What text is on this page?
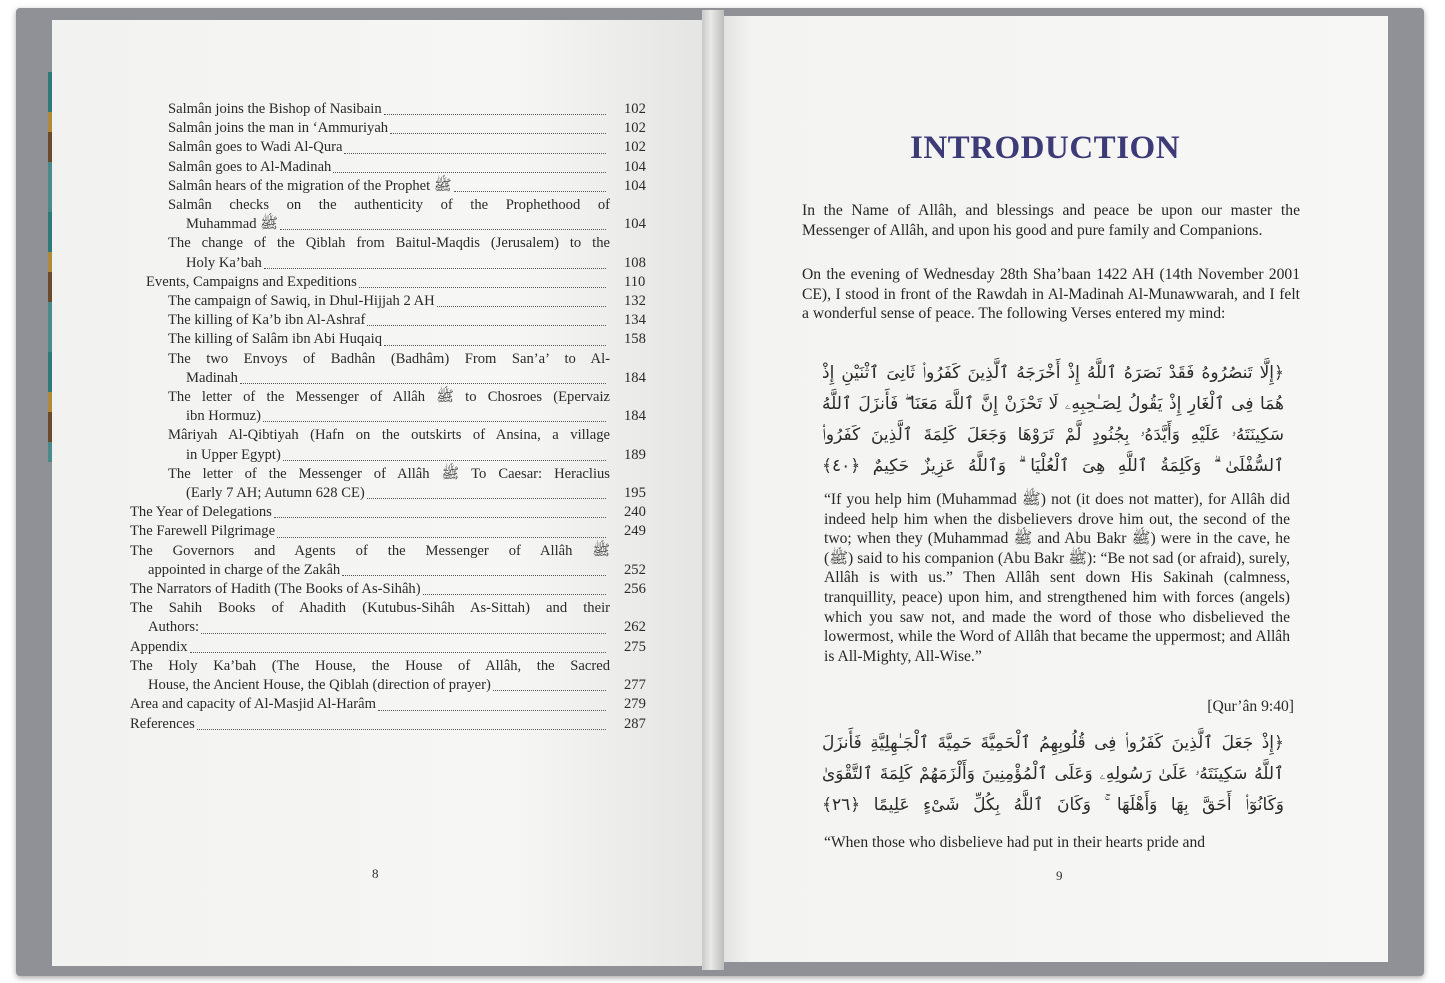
Salmân joins the Bishop of Nasibain	102
Salmân joins the man in ‘Ammuriyah	102
Salmân goes to Wadi Al-Qura	102
Salmân goes to Al-Madinah	104
Salmân hears of the migration of the Prophet ﷺ	104
Salmân checks on the authenticity of the Prophethood of
Muhammad ﷺ	104
The change of the Qiblah from Baitul-Maqdis (Jerusalem) to the
Holy Ka’bah	108
Events, Campaigns and Expeditions	110
The campaign of Sawiq, in Dhul-Hijjah 2 AH	132
The killing of Ka’b ibn Al-Ashraf	134
The killing of Salâm ibn Abi Huqaiq	158
The two Envoys of Badhân (Badhâm) From San’a’ to Al-
Madinah	184
The letter of the Messenger of Allâh ﷺ to Chosroes (Epervaiz
ibn Hormuz)	184
Mâriyah Al-Qibtiyah (Hafn on the outskirts of Ansina, a village
in Upper Egypt)	189
The letter of the Messenger of Allâh ﷺ To Caesar: Heraclius
(Early 7 AH; Autumn 628 CE)	195
The Year of Delegations	240
The Farewell Pilgrimage	249
The Governors and Agents of the Messenger of Allâh ﷺ
appointed in charge of the Zakâh	252
The Narrators of Hadith (The Books of As-Sihâh)	256
The Sahih Books of Ahadith (Kutubus-Sihâh As-Sittah) and their
Authors:	262
Appendix	275
The Holy Ka’bah (The House, the House of Allâh, the Sacred
House, the Ancient House, the Qiblah (direction of prayer)	277
Area and capacity of Al-Masjid Al-Harâm	279
References	287
8
INTRODUCTION
In the Name of Allâh, and blessings and peace be upon our master the Messenger of Allâh, and upon his good and pure family and Companions.
On the evening of Wednesday 28th Sha’baan 1422 AH (14th November 2001 CE), I stood in front of the Rawdah in Al-Madinah Al-Munawwarah, and I felt a wonderful sense of peace. The following Verses entered my mind:
﴿إِلَّا تَنصُرُوهُ فَقَدْ نَصَرَهُ ٱللَّهُ إِذْ أَخْرَجَهُ ٱلَّذِينَ كَفَرُوا۟ ثَانِىَ ٱثْنَيْنِ إِذْ هُمَا فِى ٱلْغَارِ إِذْ يَقُولُ لِصَـٰحِبِهِۦ لَا تَحْزَنْ إِنَّ ٱللَّهَ مَعَنَا ۖ فَأَنزَلَ ٱللَّهُ سَكِينَتَهُۥ عَلَيْهِ وَأَيَّدَهُۥ بِجُنُودٍ لَّمْ تَرَوْهَا وَجَعَلَ كَلِمَةَ ٱلَّذِينَ كَفَرُوا۟ ٱلسُّفْلَىٰ ۗ وَكَلِمَةُ ٱللَّهِ هِىَ ٱلْعُلْيَا ۗ وَٱللَّهُ عَزِيزٌ حَكِيمٌ ﴿٤٠﴾
“If you help him (Muhammad ﷺ) not (it does not matter), for Allâh did indeed help him when the disbelievers drove him out, the second of the two; when they (Muhammad ﷺ and Abu Bakr ﷺ) were in the cave, he (ﷺ) said to his companion (Abu Bakr ﷺ): “Be not sad (or afraid), surely, Allâh is with us.” Then Allâh sent down His Sakinah (calmness, tranquillity, peace) upon him, and strengthened him with forces (angels) which you saw not, and made the word of those who disbelieved the lowermost, while the Word of Allâh that became the uppermost; and Allâh is All-Mighty, All-Wise.”
[Qur’ân 9:40]
﴿إِذْ جَعَلَ ٱلَّذِينَ كَفَرُوا۟ فِى قُلُوبِهِمُ ٱلْحَمِيَّةَ حَمِيَّةَ ٱلْجَـٰهِلِيَّةِ فَأَنزَلَ ٱللَّهُ سَكِينَتَهُۥ عَلَىٰ رَسُولِهِۦ وَعَلَى ٱلْمُؤْمِنِينَ وَأَلْزَمَهُمْ كَلِمَةَ ٱلتَّقْوَىٰ وَكَانُوٓا۟ أَحَقَّ بِهَا وَأَهْلَهَا ۚ وَكَانَ ٱللَّهُ بِكُلِّ شَىْءٍ عَلِيمًا ﴿٢٦﴾
“When those who disbelieve had put in their hearts pride and
9
